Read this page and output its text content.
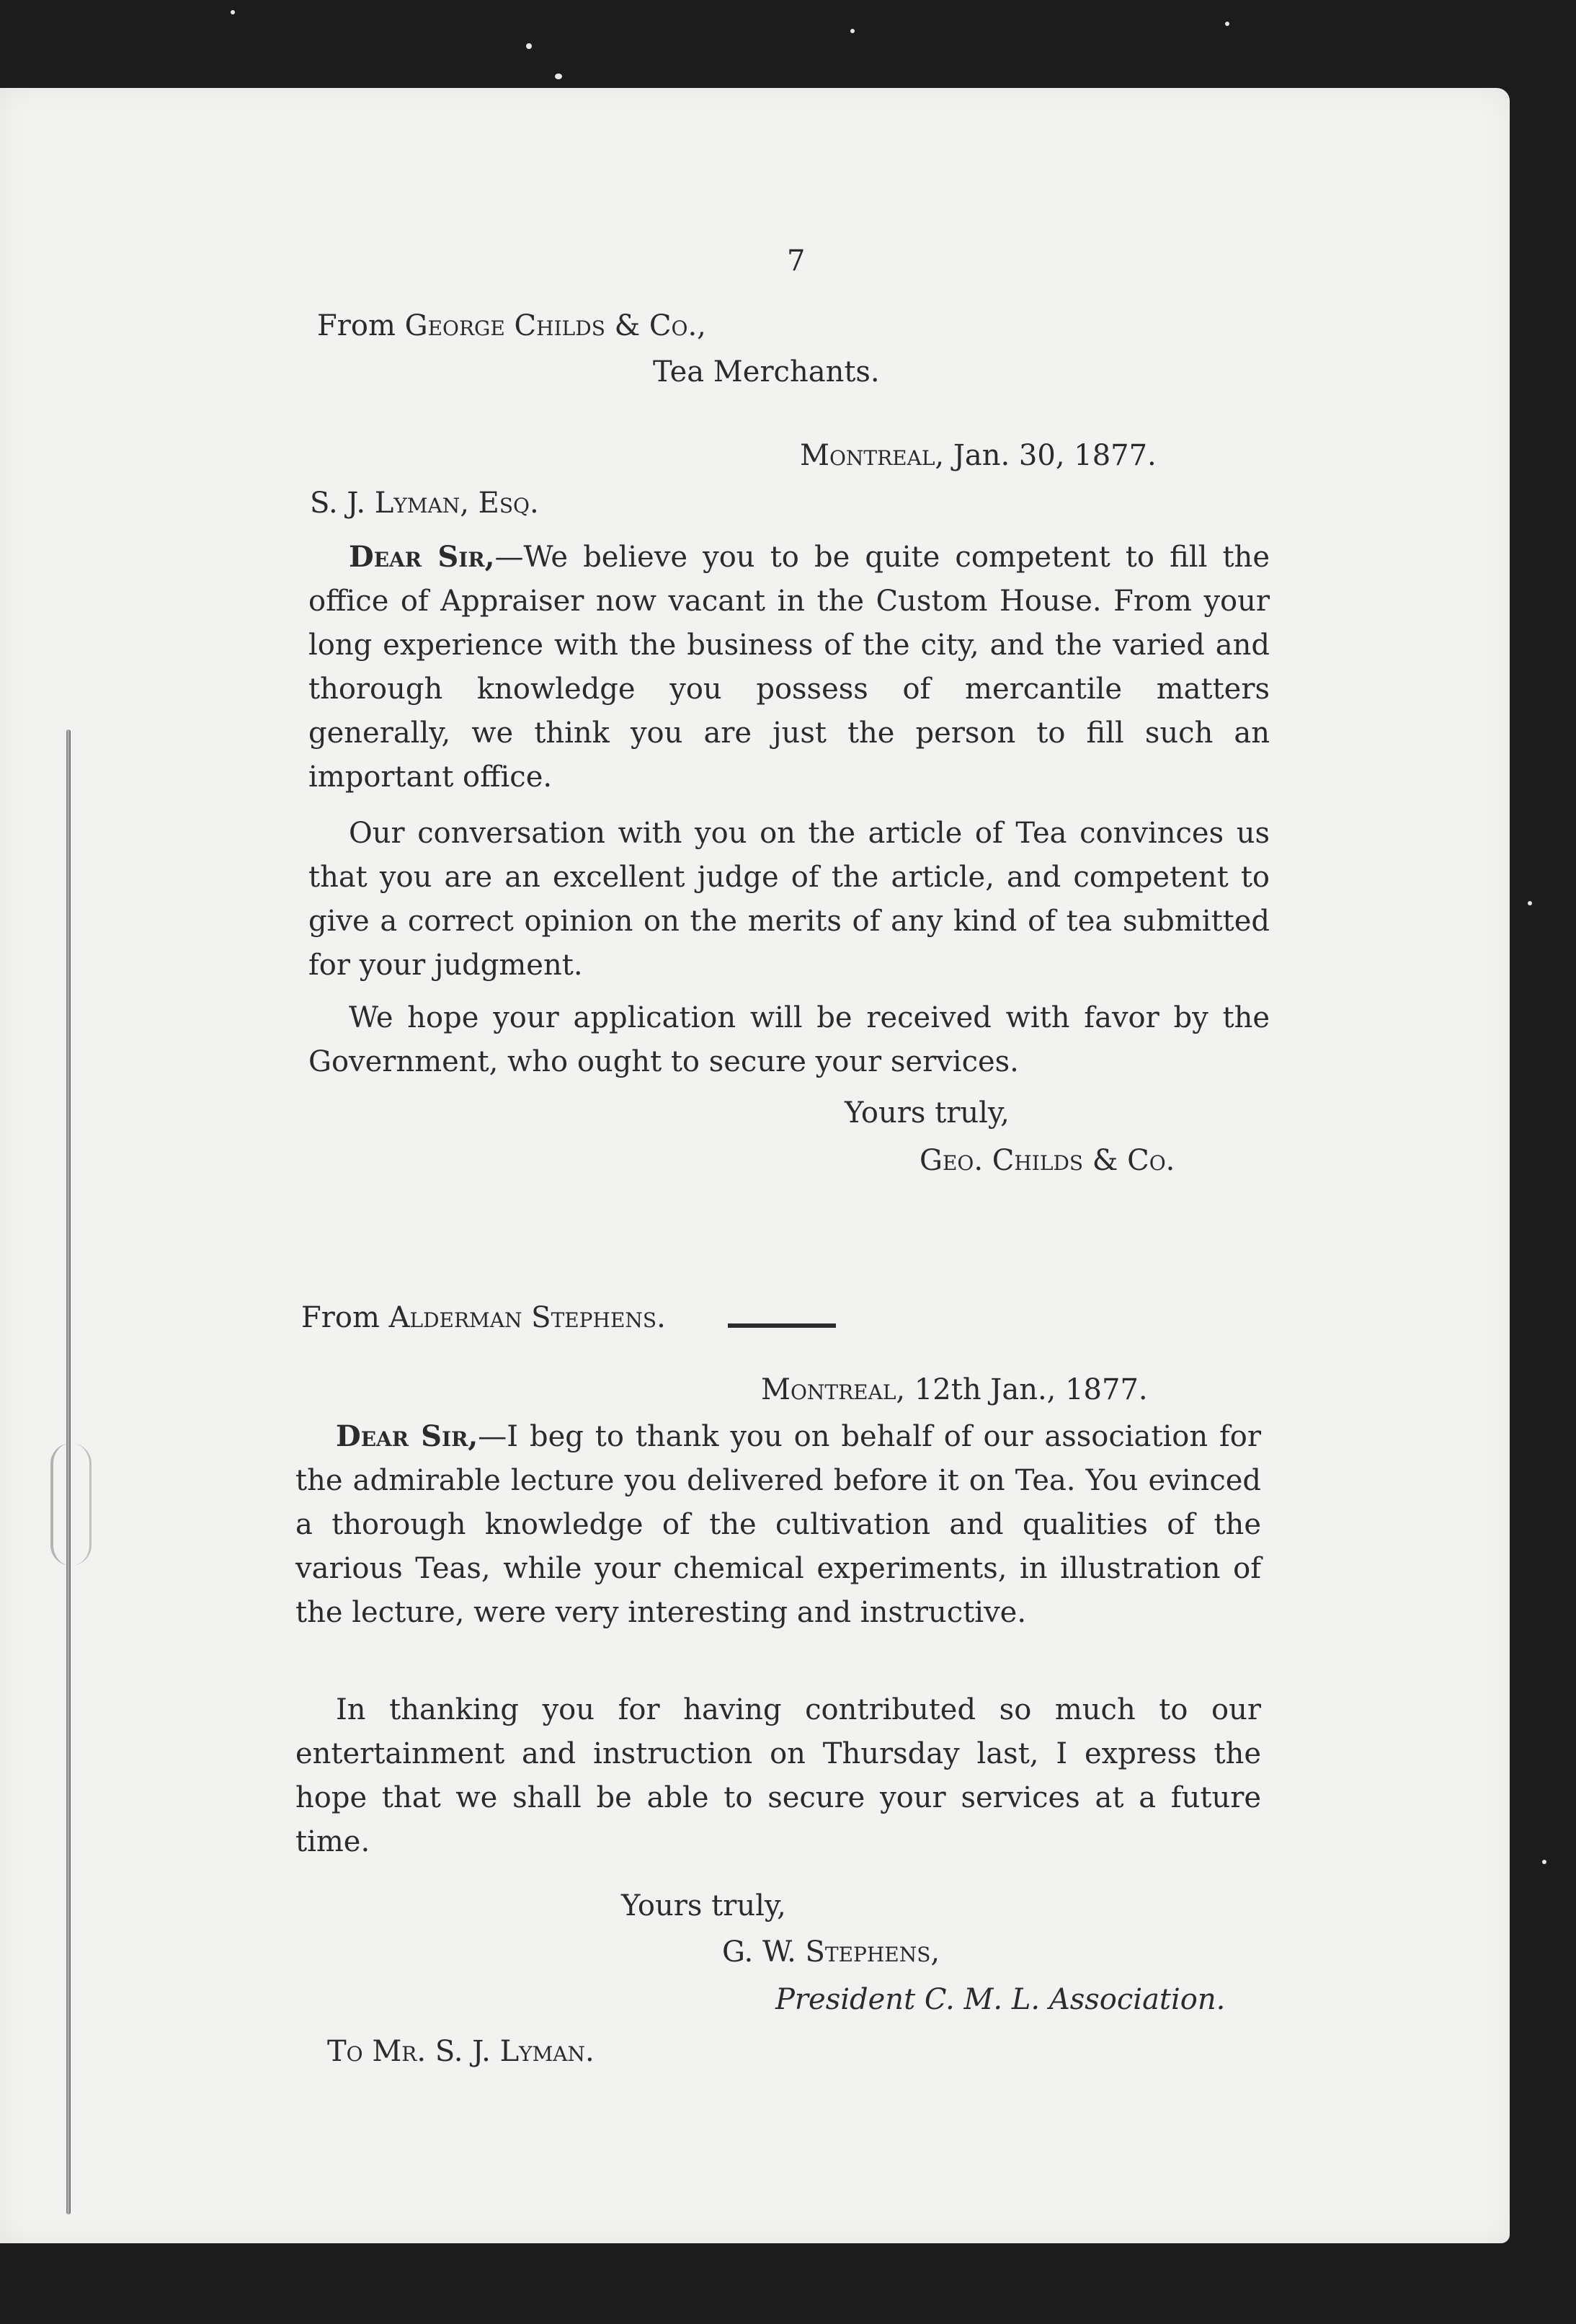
7
From George Childs & Co.,
Tea Merchants.
Montreal, Jan. 30, 1877.
S. J. Lyman, Esq.
Dear Sir,—We believe you to be quite competent to fill the office of Appraiser now vacant in the Custom House. From your long experience with the business of the city, and the varied and thorough knowledge you possess of mercantile matters generally, we think you are just the person to fill such an important office.
Our conversation with you on the article of Tea convinces us that you are an excellent judge of the article, and competent to give a correct opinion on the merits of any kind of tea submitted for your judgment.
We hope your application will be received with favor by the Government, who ought to secure your services.
Yours truly,
Geo. Childs & Co.
From Alderman Stephens.
Montreal, 12th Jan., 1877.
Dear Sir,—I beg to thank you on behalf of our association for the admirable lecture you delivered before it on Tea. You evinced a thorough knowledge of the cultivation and qualities of the various Teas, while your chemical experiments, in illustration of the lecture, were very interesting and instructive.
In thanking you for having contributed so much to our entertainment and instruction on Thursday last, I express the hope that we shall be able to secure your services at a future time.
Yours truly,
G. W. Stephens,
President C. M. L. Association.
To Mr. S. J. Lyman.
